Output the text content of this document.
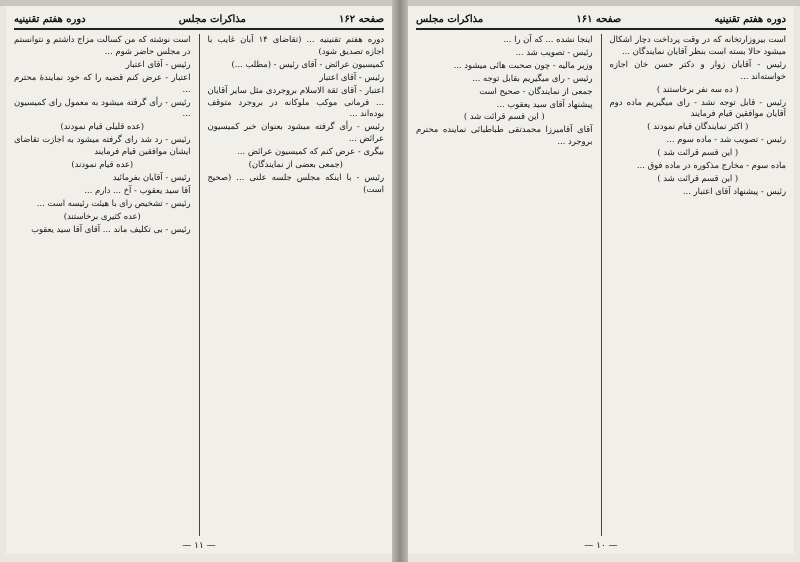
صفحه ۱۶۲
مذاکرات مجلس
دوره هفتم تقنینیه

دوره هفتم تقنینیه ... (تقاضای ۱۴ آبان غایب با اجازه تصدیق شود)

کمیسیون عرائض - آقای رئیس - (مطلب ...)

رئیس - آقای اعتبار

اعتبار - آقای ثقة الاسلام بروجردی مثل سایر آقایان ... فرمانی موکب ملوکانه در بروجرد متوقف بوده‌اند ...

رئیس - رأی گرفته میشود بعنوان خبر کمیسیون عرائض ...

بیگری - عرض کنم که کمیسیون عرائض ...

(جمعی بعضی از نمایندگان)

رئیس - با اینکه مجلس جلسه علنی ... (صحیح است)

است نوشته که من کسالت مزاج داشتم و نتوانستم در مجلس حاضر شوم ...

رئیس - آقای اعتبار

اعتبار - عرض کنم قضیه را که خود نمایندهٔ محترم ...

رئیس - رأی گرفته میشود به معمول رای کمیسیون ...

(عده قلیلی قیام نمودند)

رئیس - رد شد رای گرفته میشود به اجازت تقاضای ایشان موافقین قیام فرمایند

(عده قیام نمودند)

رئیس - آقایان بفرمائید

آقا سید یعقوب - آخ ... دارم ...

رئیس - تشخیص رای با هیئت رئیسه است ...

(عده کثیری برخاستند)

رئیس - بی تکلیف ماند ... آقای آقا سید یعقوب

— ۱۱ —
دوره هفتم تقنینیه
صفحه ۱۶۱
مذاکرات مجلس

است بیروزارتخانه که در وقت پرداخت دچار اشکال میشود حالا بسته است بنظر آقایان نمایندگان ...

رئیس - آقایان زوار و دکتر حسن خان اجازه خواسته‌اند ...

( ده سه نفر برخاستند )

رئیس - قابل توجه نشد - رای میگیریم ماده دوم آقایان موافقین قیام فرمایند

( اکثر نمایندگان قیام نمودند )

رئیس - تصویب شد - ماده سوم ...

( این قسم قرائت شد )

ماده سوم - مخارج مذکوره در ماده فوق ...

( این قسم قرائت شد )

رئیس - پیشنهاد آقای اعتبار ...

اینجا نشده ... که آن را ...

رئیس - تصویب شد ...

وزیر مالیه - چون صحبت هائی میشود ...

رئیس - رای میگیریم بقابل توجه ...

جمعی از نمایندگان - صحیح است

پیشنهاد آقای سید یعقوب ...

( این قسم قرائت شد )

آقای آقامیرزا محمدتقی طباطبائی نماینده محترم بروجرد ...

— ۱۰ —
